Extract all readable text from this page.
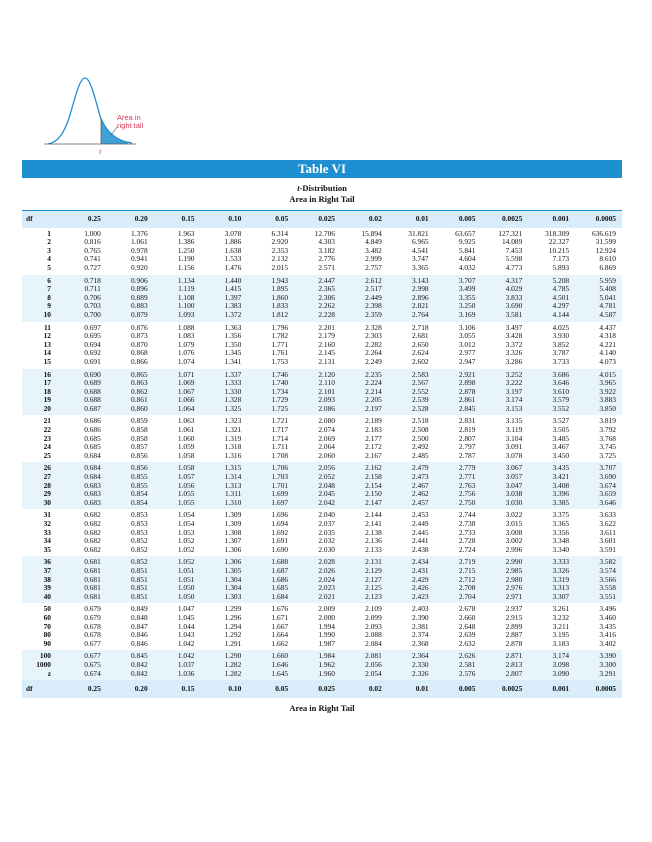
Area in
right tail
t
Table VI
t-Distribution
Area in Right Tail
df	0.25	0.20	0.15	0.10	0.05	0.025	0.02	0.01	0.005	0.0025	0.001	0.0005
1	1.000	1.376	1.963	3.078	6.314	12.706	15.894	31.821	63.657	127.321	318.309	636.619
2	0.816	1.061	1.386	1.886	2.920	4.303	4.849	6.965	9.925	14.089	22.327	31.599
3	0.765	0.978	1.250	1.638	2.353	3.182	3.482	4.541	5.841	7.453	10.215	12.924
4	0.741	0.941	1.190	1.533	2.132	2.776	2.999	3.747	4.604	5.598	7.173	8.610
5	0.727	0.920	1.156	1.476	2.015	2.571	2.757	3.365	4.032	4.773	5.893	6.869
6	0.718	0.906	1.134	1.440	1.943	2.447	2.612	3.143	3.707	4.317	5.208	5.959
7	0.711	0.896	1.119	1.415	1.895	2.365	2.517	2.998	3.499	4.029	4.785	5.408
8	0.706	0.889	1.108	1.397	1.860	2.306	2.449	2.896	3.355	3.833	4.501	5.041
9	0.703	0.883	1.100	1.383	1.833	2.262	2.398	2.821	3.250	3.690	4.297	4.781
10	0.700	0.879	1.093	1.372	1.812	2.228	2.359	2.764	3.169	3.581	4.144	4.587
11	0.697	0.876	1.088	1.363	1.796	2.201	2.328	2.718	3.106	3.497	4.025	4.437
12	0.695	0.873	1.083	1.356	1.782	2.179	2.303	2.681	3.055	3.428	3.930	4.318
13	0.694	0.870	1.079	1.350	1.771	2.160	2.282	2.650	3.012	3.372	3.852	4.221
14	0.692	0.868	1.076	1.345	1.761	2.145	2.264	2.624	2.977	3.326	3.787	4.140
15	0.691	0.866	1.074	1.341	1.753	2.131	2.249	2.602	2.947	3.286	3.733	4.073
16	0.690	0.865	1.071	1.337	1.746	2.120	2.235	2.583	2.921	3.252	3.686	4.015
17	0.689	0.863	1.069	1.333	1.740	2.110	2.224	2.567	2.898	3.222	3.646	3.965
18	0.688	0.862	1.067	1.330	1.734	2.101	2.214	2.552	2.878	3.197	3.610	3.922
19	0.688	0.861	1.066	1.328	1.729	2.093	2.205	2.539	2.861	3.174	3.579	3.883
20	0.687	0.860	1.064	1.325	1.725	2.086	2.197	2.528	2.845	3.153	3.552	3.850
21	0.686	0.859	1.063	1.323	1.721	2.080	2.189	2.518	2.831	3.135	3.527	3.819
22	0.686	0.858	1.061	1.321	1.717	2.074	2.183	2.508	2.819	3.119	3.505	3.792
23	0.685	0.858	1.060	1.319	1.714	2.069	2.177	2.500	2.807	3.104	3.485	3.768
24	0.685	0.857	1.059	1.318	1.711	2.064	2.172	2.492	2.797	3.091	3.467	3.745
25	0.684	0.856	1.058	1.316	1.708	2.060	2.167	2.485	2.787	3.078	3.450	3.725
26	0.684	0.856	1.058	1.315	1.706	2.056	2.162	2.479	2.779	3.067	3.435	3.707
27	0.684	0.855	1.057	1.314	1.703	2.052	2.158	2.473	2.771	3.057	3.421	3.690
28	0.683	0.855	1.056	1.313	1.701	2.048	2.154	2.467	2.763	3.047	3.408	3.674
29	0.683	0.854	1.055	1.311	1.699	2.045	2.150	2.462	2.756	3.038	3.396	3.659
30	0.683	0.854	1.055	1.310	1.697	2.042	2.147	2.457	2.750	3.030	3.385	3.646
31	0.682	0.853	1.054	1.309	1.696	2.040	2.144	2.453	2.744	3.022	3.375	3.633
32	0.682	0.853	1.054	1.309	1.694	2.037	2.141	2.449	2.738	3.015	3.365	3.622
33	0.682	0.853	1.053	1.308	1.692	2.035	2.138	2.445	2.733	3.008	3.356	3.611
34	0.682	0.852	1.052	1.307	1.691	2.032	2.136	2.441	2.728	3.002	3.348	3.601
35	0.682	0.852	1.052	1.306	1.690	2.030	2.133	2.438	2.724	2.996	3.340	3.591
36	0.681	0.852	1.052	1.306	1.688	2.028	2.131	2.434	2.719	2.990	3.333	3.582
37	0.681	0.851	1.051	1.305	1.687	2.026	2.129	2.431	2.715	2.985	3.326	3.574
38	0.681	0.851	1.051	1.304	1.686	2.024	2.127	2.429	2.712	2.980	3.319	3.566
39	0.681	0.851	1.050	1.304	1.685	2.023	2.125	2.426	2.708	2.976	3.313	3.558
40	0.681	0.851	1.050	1.303	1.684	2.021	2.123	2.423	2.704	2.971	3.307	3.551
50	0.679	0.849	1.047	1.299	1.676	2.009	2.109	2.403	2.678	2.937	3.261	3.496
60	0.679	0.848	1.045	1.296	1.671	2.000	2.099	2.390	2.660	2.915	3.232	3.460
70	0.678	0.847	1.044	1.294	1.667	1.994	2.093	2.381	2.648	2.899	3.211	3.435
80	0.678	0.846	1.043	1.292	1.664	1.990	2.088	2.374	2.639	2.887	3.195	3.416
90	0.677	0.846	1.042	1.291	1.662	1.987	2.084	2.368	2.632	2.878	3.183	3.402
100	0.677	0.845	1.042	1.290	1.660	1.984	2.081	2.364	2.626	2.871	3.174	3.390
1000	0.675	0.842	1.037	1.282	1.646	1.962	2.056	2.330	2.581	2.813	3.098	3.300
z	0.674	0.842	1.036	1.282	1.645	1.960	2.054	2.326	2.576	2.807	3.090	3.291
df	0.25	0.20	0.15	0.10	0.05	0.025	0.02	0.01	0.005	0.0025	0.001	0.0005
Area in Right Tail
